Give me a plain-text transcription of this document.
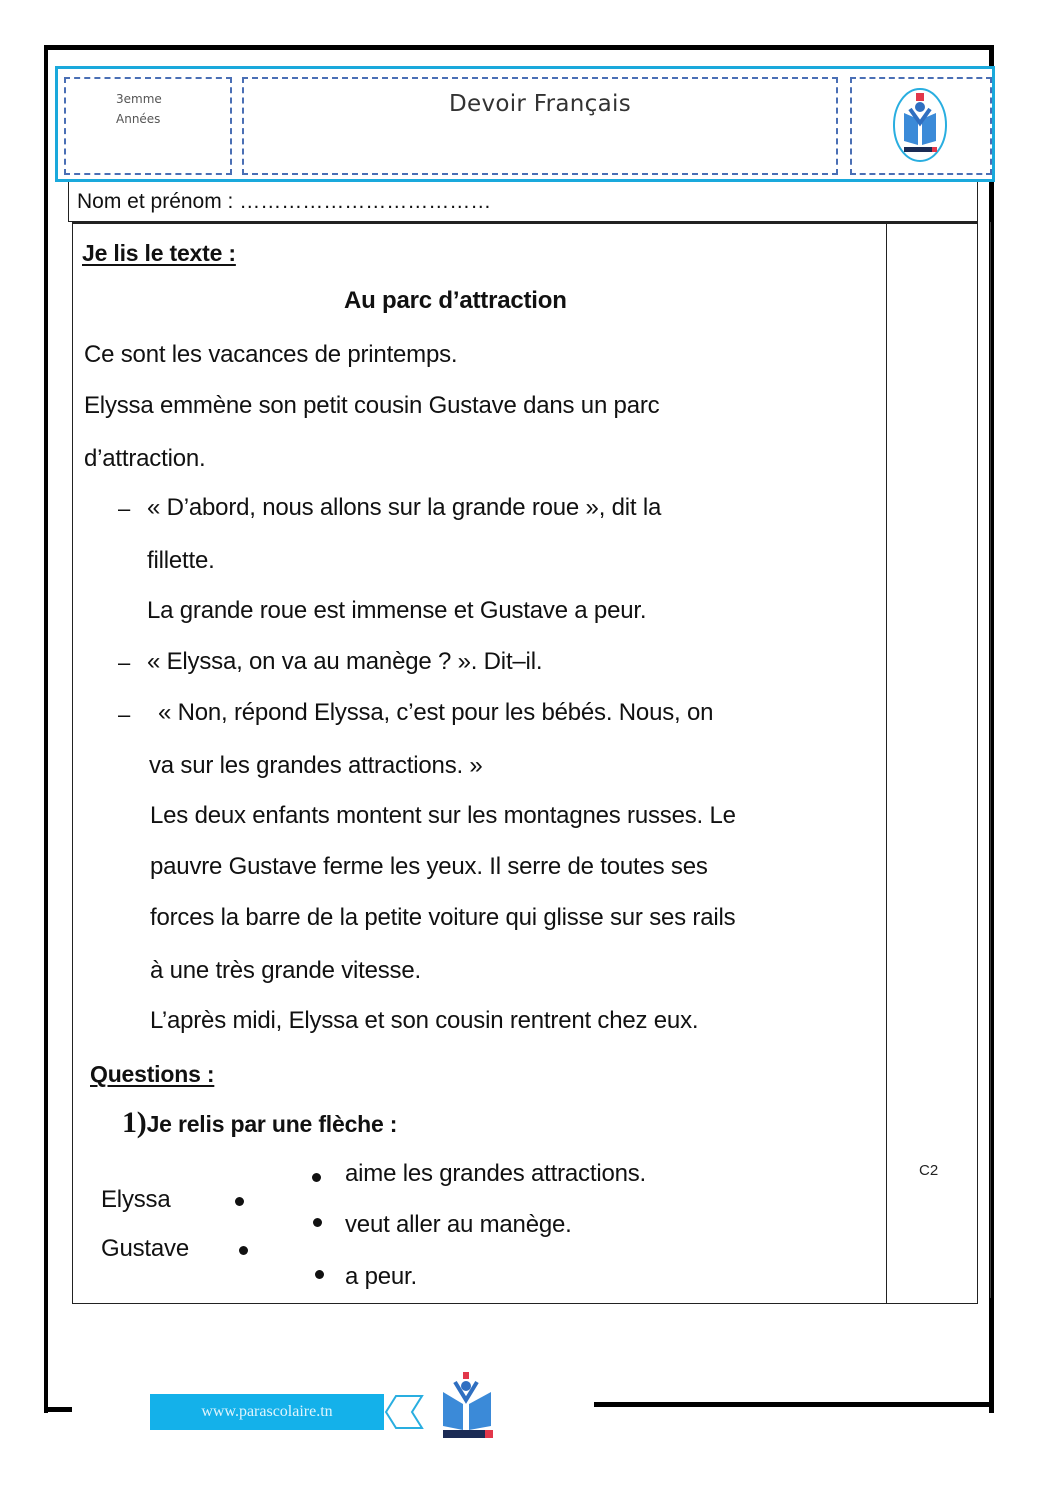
3emme
Années
Devoir Français
Nom et prénom : ………………………………
Je lis le texte :
Au parc d’attraction
Ce sont les vacances de printemps.
Elyssa emmène son petit cousin Gustave dans un parc
d’attraction.
– « D’abord, nous allons sur la grande roue », dit la
fillette.
La grande roue est immense et Gustave a peur.
– « Elyssa, on va au manège ? ». Dit–il.
– « Non, répond Elyssa, c’est pour les bébés. Nous, on
va sur les grandes attractions. »
Les deux enfants montent sur les montagnes russes. Le
pauvre Gustave ferme les yeux. Il serre de toutes ses
forces la barre de la petite voiture qui glisse sur ses rails
à une très grande vitesse.
L’après midi, Elyssa et son cousin rentrent chez eux.
Questions :
1)Je relis par une flèche :
Elyssa
Gustave
aime les grandes attractions.
veut aller au manège.
a peur.
C2
www.parascolaire.tn
